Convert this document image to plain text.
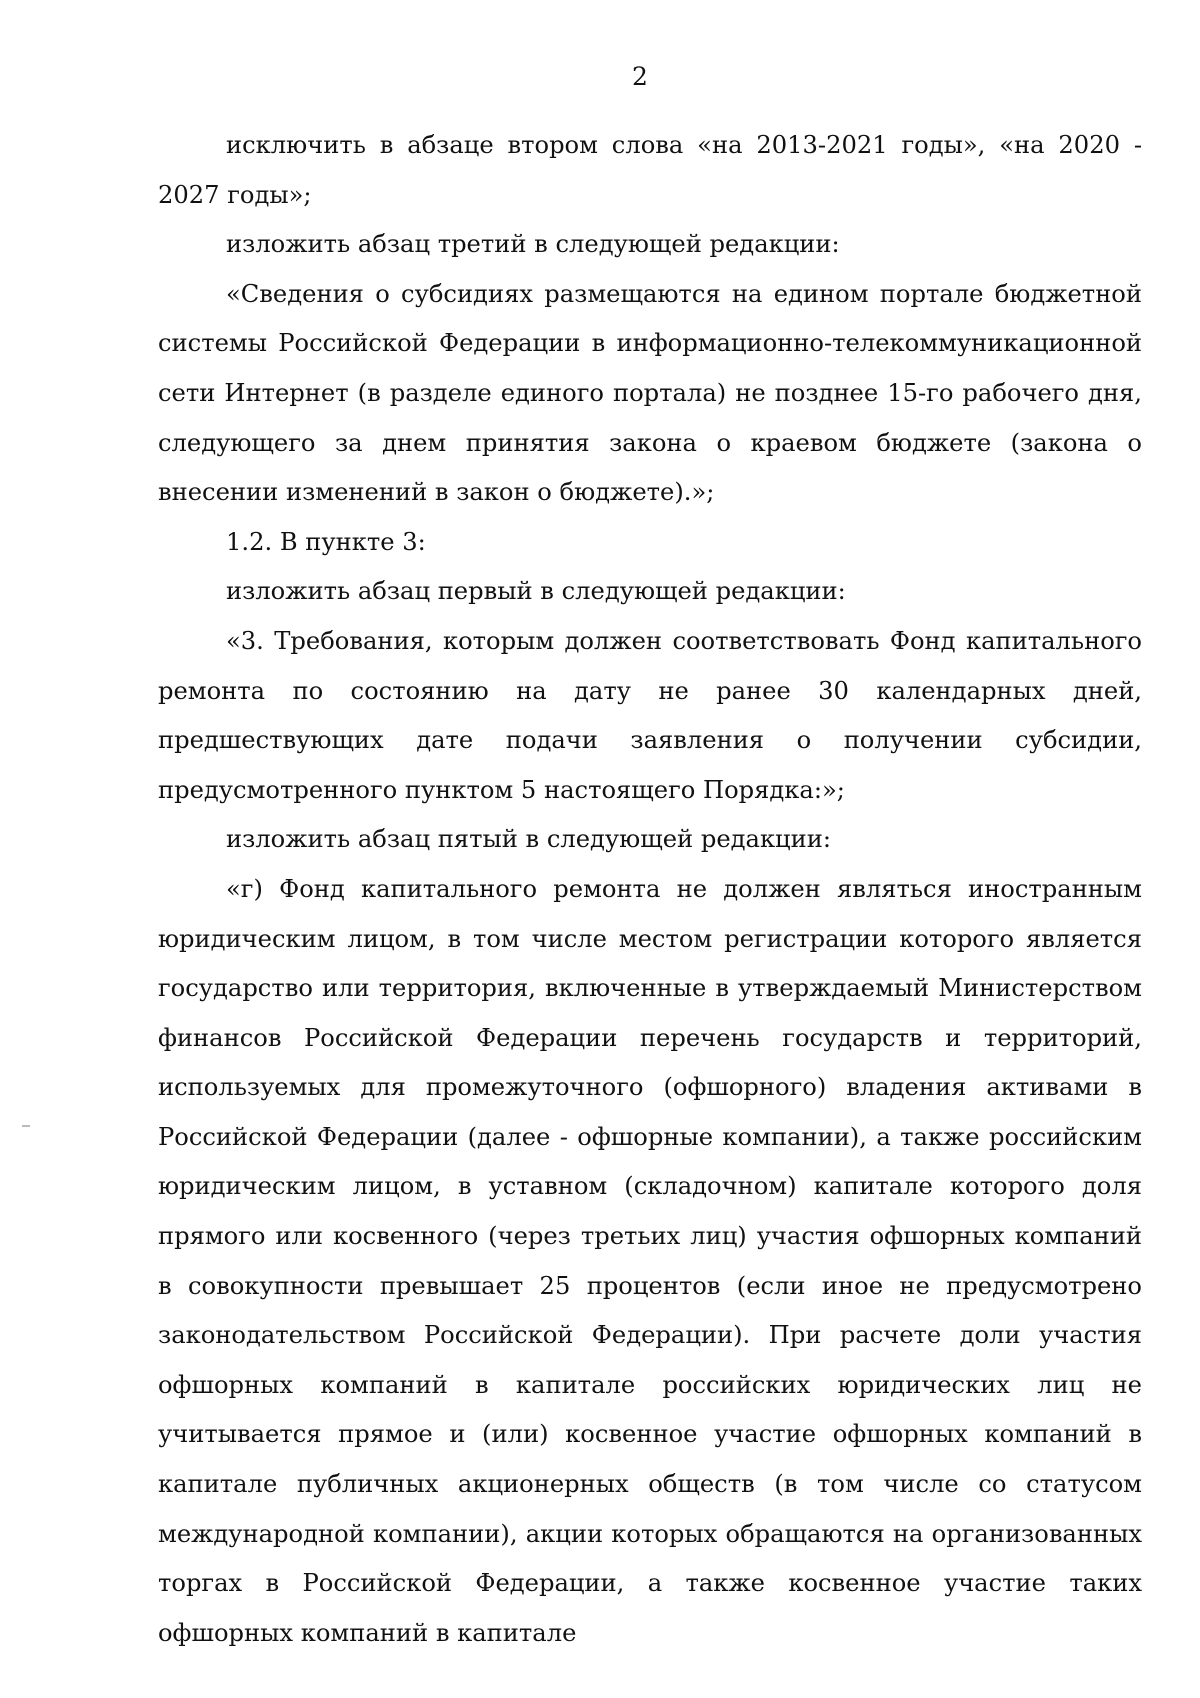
2

исключить в абзаце втором слова «на 2013-2021 годы», «на 2020 - 2027 годы»;

изложить абзац третий в следующей редакции:

«Сведения о субсидиях размещаются на едином портале бюджетной системы Российской Федерации в информационно-телекоммуникационной сети Интернет (в разделе единого портала) не позднее 15-го рабочего дня, следующего за днем принятия закона о краевом бюджете (закона о внесении изменений в закон о бюджете).»;

1.2. В пункте 3:

изложить абзац первый в следующей редакции:

«3. Требования, которым должен соответствовать Фонд капитального ремонта по состоянию на дату не ранее 30 календарных дней, предшествующих дате подачи заявления о получении субсидии, предусмотренного пунктом 5 настоящего Порядка:»;

изложить абзац пятый в следующей редакции:

«г) Фонд капитального ремонта не должен являться иностранным юридическим лицом, в том числе местом регистрации которого является государство или территория, включенные в утверждаемый Министерством финансов Российской Федерации перечень государств и территорий, используемых для промежуточного (офшорного) владения активами в Российской Федерации (далее - офшорные компании), а также российским юридическим лицом, в уставном (складочном) капитале которого доля прямого или косвенного (через третьих лиц) участия офшорных компаний в совокупности превышает 25 процентов (если иное не предусмотрено законодательством Российской Федерации). При расчете доли участия офшорных компаний в капитале российских юридических лиц не учитывается прямое и (или) косвенное участие офшорных компаний в капитале публичных акционерных обществ (в том числе со статусом международной компании), акции которых обращаются на организованных торгах в Российской Федерации, а также косвенное участие таких офшорных компаний в капитале
